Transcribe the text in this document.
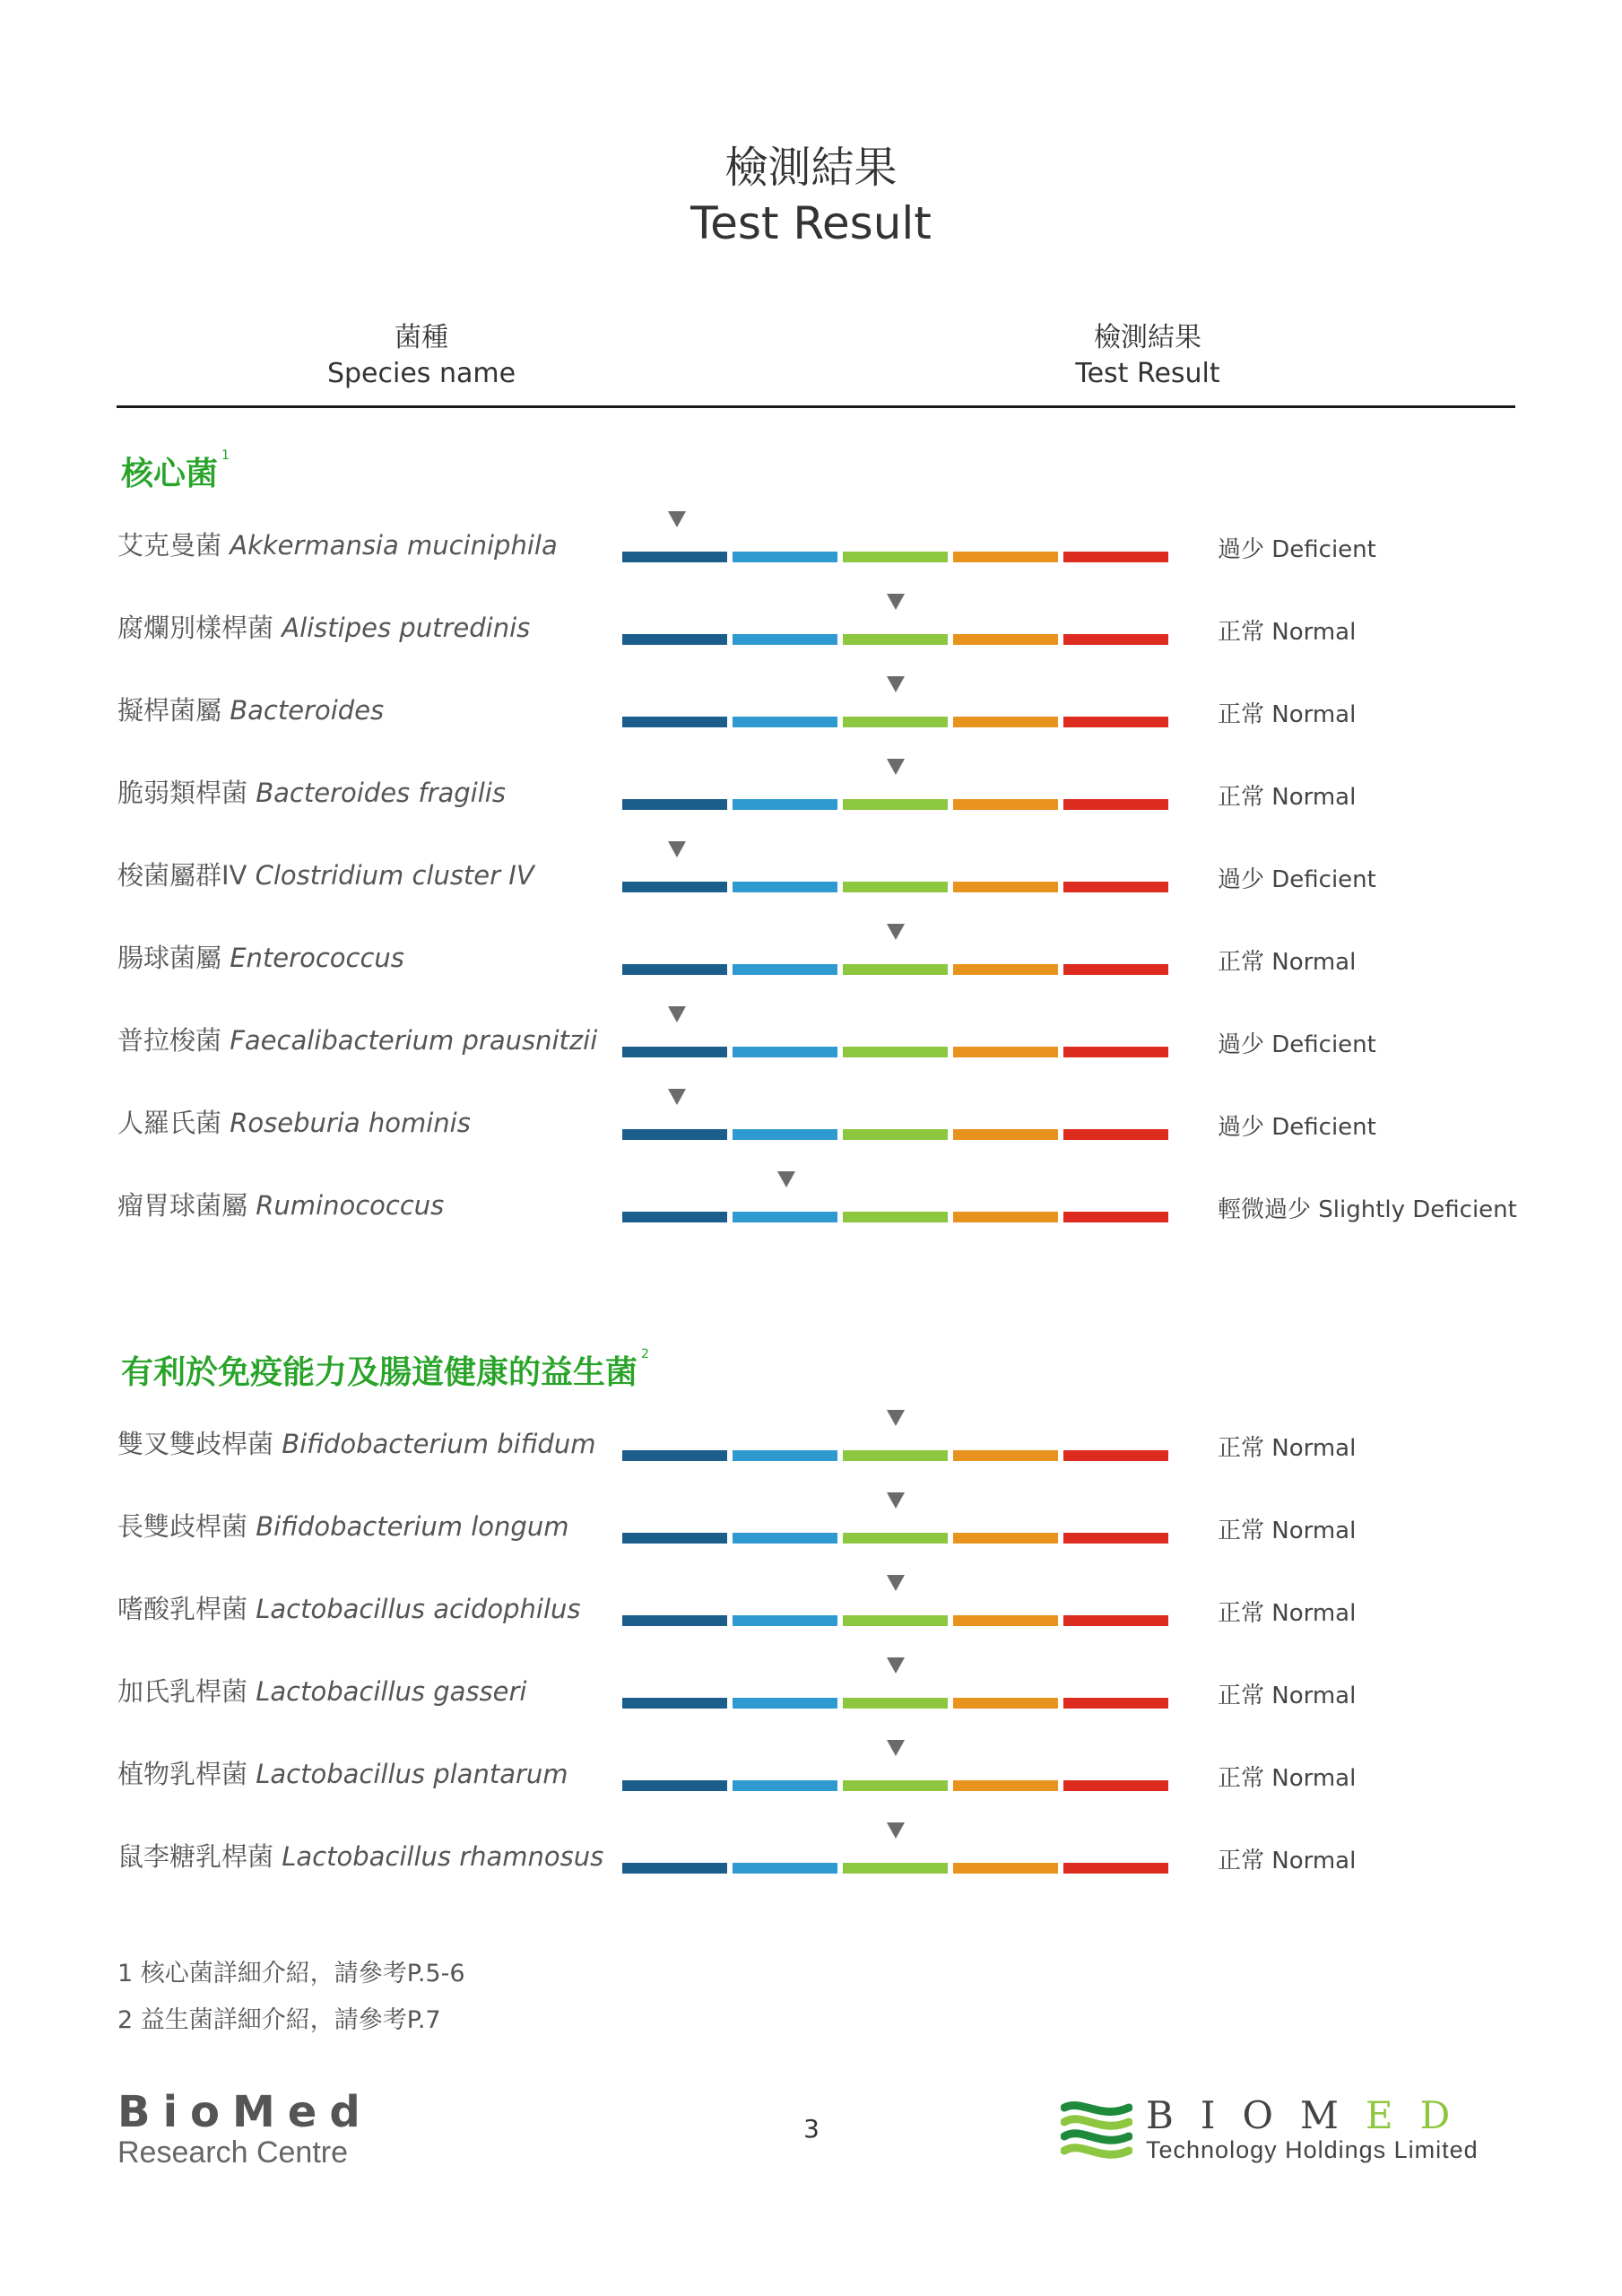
檢測結果
Test Result
菌種
Species name
檢測結果
Test Result
核心菌 $^1$
艾克曼菌 Akkermansia muciniphila	過少 Deficient
腐爛別樣桿菌 Alistipes putredinis	正常 Normal
擬桿菌屬 Bacteroides	正常 Normal
脆弱類桿菌 Bacteroides fragilis	正常 Normal
梭菌屬群IV Clostridium cluster IV	過少 Deficient
腸球菌屬 Enterococcus	正常 Normal
普拉梭菌 Faecalibacterium prausnitzii	過少 Deficient
人羅氏菌 Roseburia hominis	過少 Deficient
瘤胃球菌屬 Ruminococcus	輕微過少 Slightly Deficient
有利於免疫能力及腸道健康的益生菌 $^2$
雙叉雙歧桿菌 Bifidobacterium bifidum	正常 Normal
長雙歧桿菌 Bifidobacterium longum	正常 Normal
嗜酸乳桿菌 Lactobacillus acidophilus	正常 Normal
加氏乳桿菌 Lactobacillus gasseri	正常 Normal
植物乳桿菌 Lactobacillus plantarum	正常 Normal
鼠李糖乳桿菌 Lactobacillus rhamnosus	正常 Normal
1 核心菌詳細介紹，請參考P.5-6
2 益生菌詳細介紹，請參考P.7
BioMed
Research Centre
3	BIOMED
Technology Holdings Limited
